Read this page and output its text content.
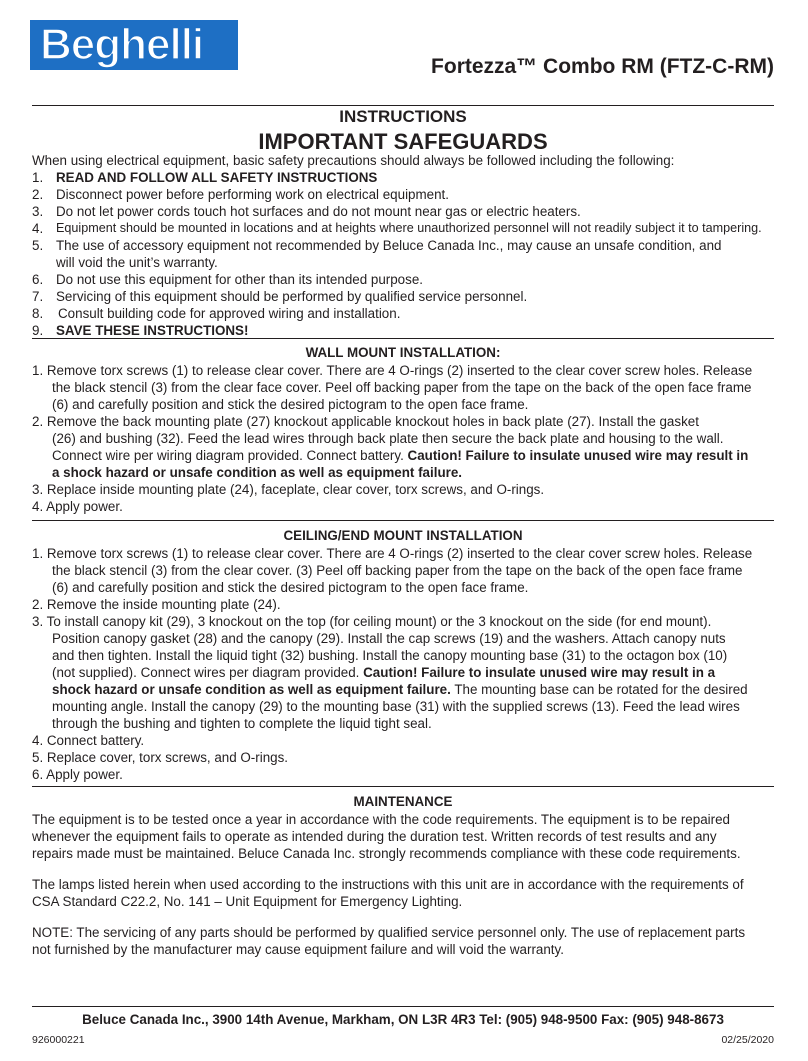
Beghelli	Fortezza™ Combo RM (FTZ-C-RM)
INSTRUCTIONS
IMPORTANT SAFEGUARDS
When using electrical equipment, basic safety precautions should always be followed including the following:
1. READ AND FOLLOW ALL SAFETY INSTRUCTIONS
2. Disconnect power before performing work on electrical equipment.
3. Do not let power cords touch hot surfaces and do not mount near gas or electric heaters.
4. Equipment should be mounted in locations and at heights where unauthorized personnel will not readily subject it to tampering.
5. The use of accessory equipment not recommended by Beluce Canada Inc., may cause an unsafe condition, and
will void the unit’s warranty.
6. Do not use this equipment for other than its intended purpose.
7. Servicing of this equipment should be performed by qualified service personnel.
8. Consult building code for approved wiring and installation.
9. SAVE THESE INSTRUCTIONS!
WALL MOUNT INSTALLATION:
1. Remove torx screws (1) to release clear cover. There are 4 O-rings (2) inserted to the clear cover screw holes. Release
the black stencil (3) from the clear face cover. Peel off backing paper from the tape on the back of the open face frame
(6) and carefully position and stick the desired pictogram to the open face frame.
2. Remove the back mounting plate (27) knockout applicable knockout holes in back plate (27). Install the gasket
(26) and bushing (32). Feed the lead wires through back plate then secure the back plate and housing to the wall.
Connect wire per wiring diagram provided. Connect battery. Caution! Failure to insulate unused wire may result in
a shock hazard or unsafe condition as well as equipment failure.
3. Replace inside mounting plate (24), faceplate, clear cover, torx screws, and O-rings.
4. Apply power.
CEILING/END MOUNT INSTALLATION
1. Remove torx screws (1) to release clear cover. There are 4 O-rings (2) inserted to the clear cover screw holes. Release
the black stencil (3) from the clear cover. (3) Peel off backing paper from the tape on the back of the open face frame
(6) and carefully position and stick the desired pictogram to the open face frame.
2. Remove the inside mounting plate (24).
3. To install canopy kit (29), 3 knockout on the top (for ceiling mount) or the 3 knockout on the side (for end mount).
Position canopy gasket (28) and the canopy (29). Install the cap screws (19) and the washers. Attach canopy nuts
and then tighten. Install the liquid tight (32) bushing. Install the canopy mounting base (31) to the octagon box (10)
(not supplied). Connect wires per diagram provided. Caution! Failure to insulate unused wire may result in a
shock hazard or unsafe condition as well as equipment failure. The mounting base can be rotated for the desired
mounting angle. Install the canopy (29) to the mounting base (31) with the supplied screws (13). Feed the lead wires
through the bushing and tighten to complete the liquid tight seal.
4. Connect battery.
5. Replace cover, torx screws, and O-rings.
6. Apply power.
MAINTENANCE
The equipment is to be tested once a year in accordance with the code requirements. The equipment is to be repaired
whenever the equipment fails to operate as intended during the duration test. Written records of test results and any
repairs made must be maintained. Beluce Canada Inc. strongly recommends compliance with these code requirements.
The lamps listed herein when used according to the instructions with this unit are in accordance with the requirements of
CSA Standard C22.2, No. 141 – Unit Equipment for Emergency Lighting.
NOTE: The servicing of any parts should be performed by qualified service personnel only. The use of replacement parts
not furnished by the manufacturer may cause equipment failure and will void the warranty.
Beluce Canada Inc., 3900 14th Avenue, Markham, ON L3R 4R3 Tel: (905) 948-9500 Fax: (905) 948-8673
926000221	02/25/2020
